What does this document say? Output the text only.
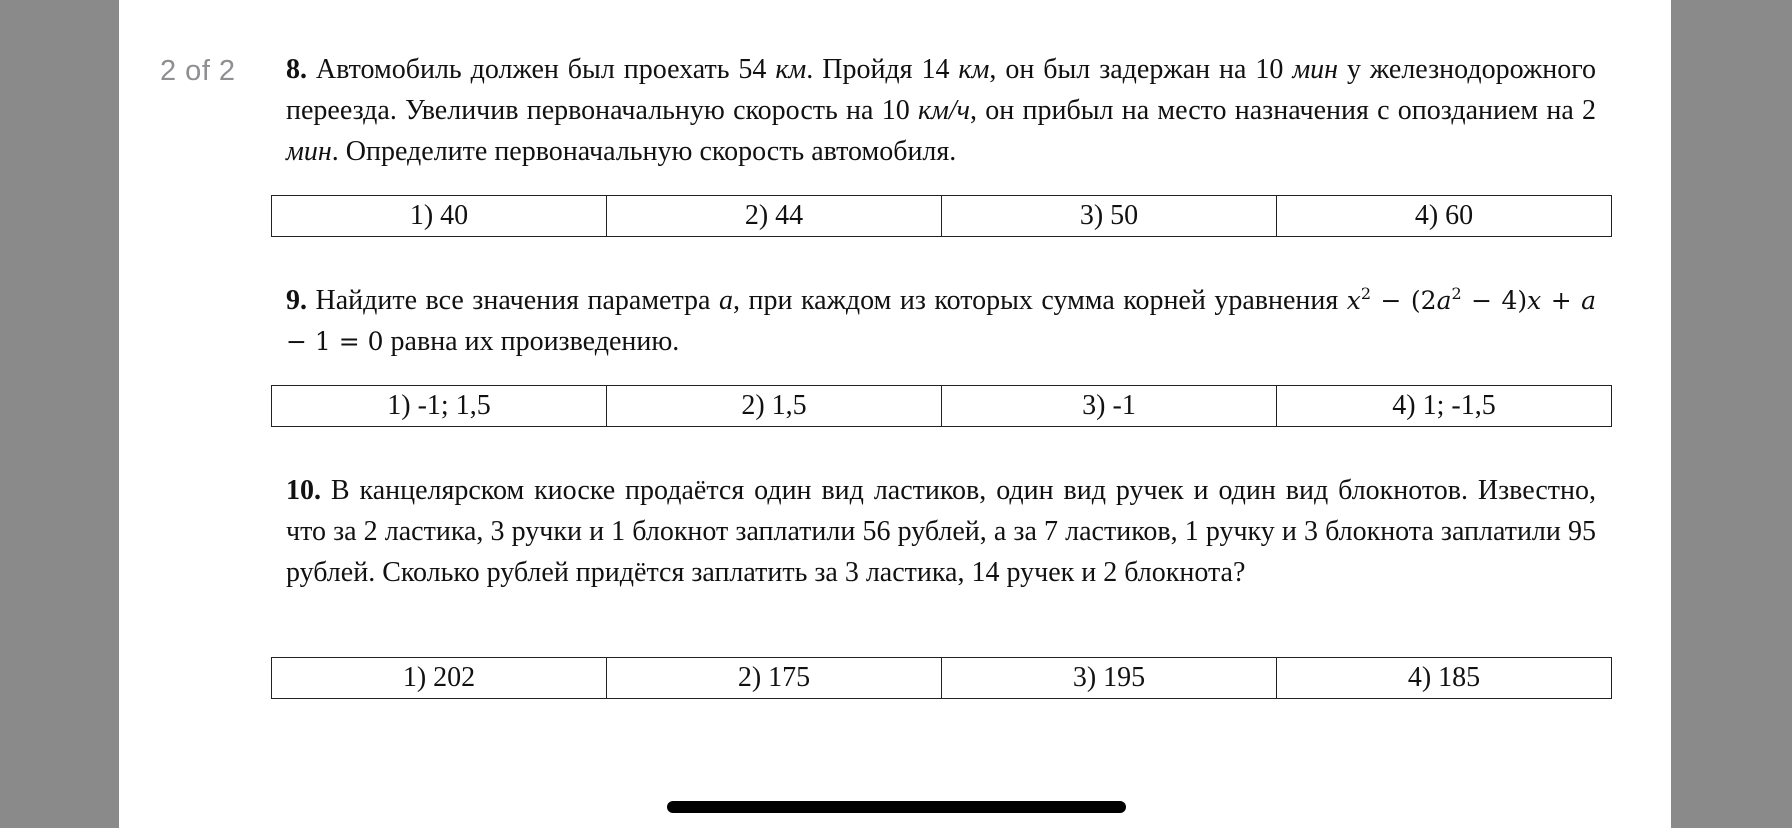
2 of 2 8. Автомобиль должен был проехать 54 км. Пройдя 14 км, он был задержан на 10 мин у железнодорожного переезда. Увеличив первоначальную скорость на 10 км/ч, он прибыл на место назначения с опозданием на 2 мин. Определите первоначальную скорость автомобиля.
1) 40	2) 44	3) 50	4) 60
9. Найдите все значения параметра a, при каждом из которых сумма корней уравнения $x^2 - (2a^2 - 4)x + a - 1 = 0$ равна их произведению.
1) -1; 1,5	2) 1,5	3) -1	4) 1; -1,5
10. В канцелярском киоске продаётся один вид ластиков, один вид ручек и один вид блокнотов. Известно, что за 2 ластика, 3 ручки и 1 блокнот заплатили 56 рублей, а за 7 ластиков, 1 ручку и 3 блокнота заплатили 95 рублей. Сколько рублей придётся заплатить за 3 ластика, 14 ручек и 2 блокнота?
1) 202	2) 175	3) 195	4) 185
